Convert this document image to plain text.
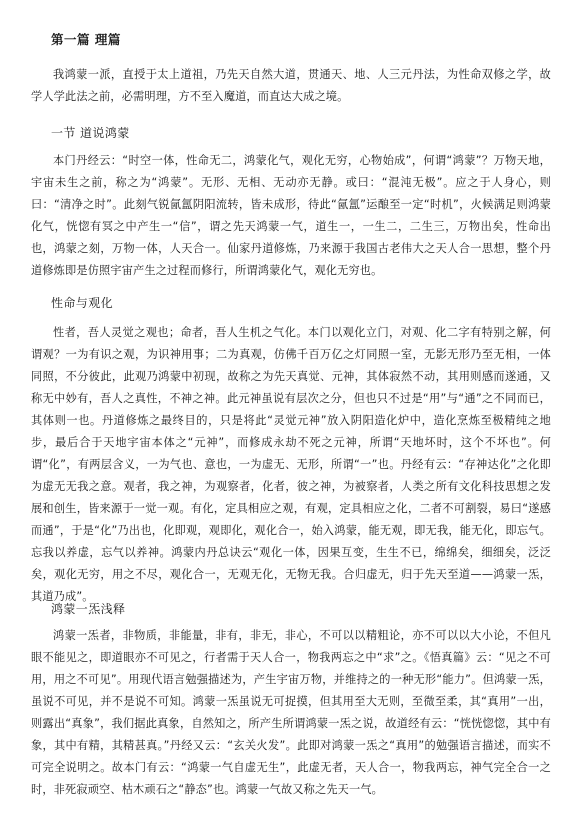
第一篇 理篇
我鸿蒙一派，直授于太上道祖，乃先天自然大道，贯通天、地、人三元丹法，为性命双修之学，故学人学此法之前，必需明理，方不至入魔道，而直达大成之境。
一节 道说鸿蒙
本门丹经云：“时空一体，性命无二，鸿蒙化气，观化无穷，心物始成”，何谓“鸿蒙”？万物天地，宇宙未生之前，称之为“鸿蒙”。无形、无相、无动亦无静。或曰：“混沌无极”。应之于人身心，则曰：“清净之时”。此刻气锐氤氲阴阳流转，皆未成形，待此“氤氲”运酿至一定“时机”，火候满足则鸿蒙化气，恍惚有冥之中产生一“信”，谓之先天鸿蒙一气，道生一，一生二，二生三，万物出矣，性命出也，鸿蒙之刻，万物一体，人天合一。仙家丹道修炼，乃来源于我国古老伟大之天人合一思想，整个丹道修炼即是仿照宇宙产生之过程而修行，所谓鸿蒙化气，观化无穷也。
性命与观化
性者，吾人灵觉之观也；命者，吾人生机之气化。本门以观化立门，对观、化二字有特别之解，何谓观？一为有识之观，为识神用事；二为真观，仿佛千百万亿之灯同照一室，无影无形乃至无相，一体同照，不分彼此，此观乃鸿蒙中初现，故称之为先天真觉、元神，其体寂然不动，其用则感而遂通，又称无中妙有，吾人之真性，不神之神。此元神虽说有层次之分，但也只不过是“用”与“通”之不同而已，其体则一也。丹道修炼之最终目的，只是将此“灵觉元神”放入阴阳造化炉中，造化烹炼至极精纯之地步，最后合于天地宇宙本体之“元神”，而修成永劫不死之元神，所谓“天地坏时，这个不坏也”。何谓“化”，有两层含义，一为气也、意也，一为虚无、无形，所谓“一”也。丹经有云：“存神达化”之化即为虚无无我之意。观者，我之神，为观察者，化者，彼之神，为被察者，人类之所有文化科技思想之发展和创生，皆来源于一觉一观。有化，定具相应之观，有观，定具相应之化，二者不可割裂，易曰“遂感而通”，于是“化”乃出也，化即观，观即化，观化合一，始入鸿蒙，能无观，即无我，能无化，即忘气。忘我以养虚，忘气以养神。鸿蒙内丹总诀云“观化一体，因果互变，生生不已，绵绵矣，细细矣，泛泛矣，观化无穷，用之不尽，观化合一，无观无化，无物无我。合归虚无，归于先天至道——鸿蒙一炁，其道乃成”。
鸿蒙一炁浅释
鸿蒙一炁者，非物质，非能量，非有，非无，非心，不可以以精粗论，亦不可以以大小论，不但凡眼不能见之，即道眼亦不可见之，行者需于天人合一，物我两忘之中“求”之。《悟真篇》云：“见之不可用，用之不可见”。用现代语言勉强描述为，产生宇宙万物，并维持之的一种无形“能力”。但鸿蒙一炁，虽说不可见，并不是说不可知。鸿蒙一炁虽说无可捉摸，但其用至大无则，至微至柔，其“真用”一出，则露出“真象”，我们据此真象，自然知之，所产生所谓鸿蒙一炁之说，故道经有云：“恍恍惚惚，其中有象，其中有精，其精甚真。”丹经又云：“玄关火发”。此即对鸿蒙一炁之“真用”的勉强语言描述，而实不可完全说明之。故本门有云：“鸿蒙一气自虚无生”，此虚无者，天人合一，物我两忘，神气完全合一之时，非死寂顽空、枯木顽石之“静态”也。鸿蒙一气故又称之先天一气。
